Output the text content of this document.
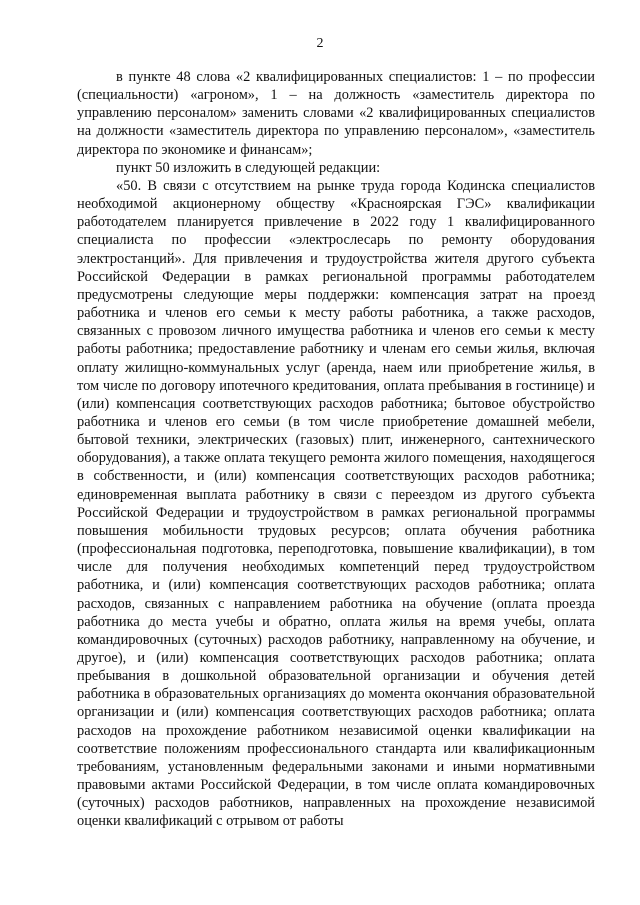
2

в пункте 48 слова «2 квалифицированных специалистов: 1 – по профессии (специальности) «агроном», 1 – на должность «заместитель директора по управлению персоналом» заменить словами «2 квалифицированных специалистов на должности «заместитель директора по управлению персоналом», «заместитель директора по экономике и финансам»;

пункт 50 изложить в следующей редакции:

«50. В связи с отсутствием на рынке труда города Кодинска специалистов необходимой акционерному обществу «Красноярская ГЭС» квалификации работодателем планируется привлечение в 2022 году 1 квалифицированного специалиста по профессии «электрослесарь по ремонту оборудования электростанций». Для привлечения и трудоустройства жителя другого субъекта Российской Федерации в рамках региональной программы работодателем предусмотрены следующие меры поддержки: компенсация затрат на проезд работника и членов его семьи к месту работы работника, а также расходов, связанных с провозом личного имущества работника и членов его семьи к месту работы работника; предоставление работнику и членам его семьи жилья, включая оплату жилищно-коммунальных услуг (аренда, наем или приобретение жилья, в том числе по договору ипотечного кредитования, оплата пребывания в гостинице) и (или) компенсация соответствующих расходов работника; бытовое обустройство работника и членов его семьи (в том числе приобретение домашней мебели, бытовой техники, электрических (газовых) плит, инженерного, сантехнического оборудования), а также оплата текущего ремонта жилого помещения, находящегося в собственности, и (или) компенсация соответствующих расходов работника; единовременная выплата работнику в связи с переездом из другого субъекта Российской Федерации и трудоустройством в рамках региональной программы повышения мобильности трудовых ресурсов; оплата обучения работника (профессиональная подготовка, переподготовка, повышение квалификации), в том числе для получения необходимых компетенций перед трудоустройством работника, и (или) компенсация соответствующих расходов работника; оплата расходов, связанных с направлением работника на обучение (оплата проезда работника до места учебы и обратно, оплата жилья на время учебы, оплата командировочных (суточных) расходов работнику, направленному на обучение, и другое), и (или) компенсация соответствующих расходов работника; оплата пребывания в дошкольной образовательной организации и обучения детей работника в образовательных организациях до момента окончания образовательной организации и (или) компенсация соответствующих расходов работника; оплата расходов на прохождение работником независимой оценки квалификации на соответствие положениям профессионального стандарта или квалификационным требованиям, установленным федеральными законами и иными нормативными правовыми актами Российской Федерации, в том числе оплата командировочных (суточных) расходов работников, направленных на прохождение независимой оценки квалификаций с отрывом от работы
